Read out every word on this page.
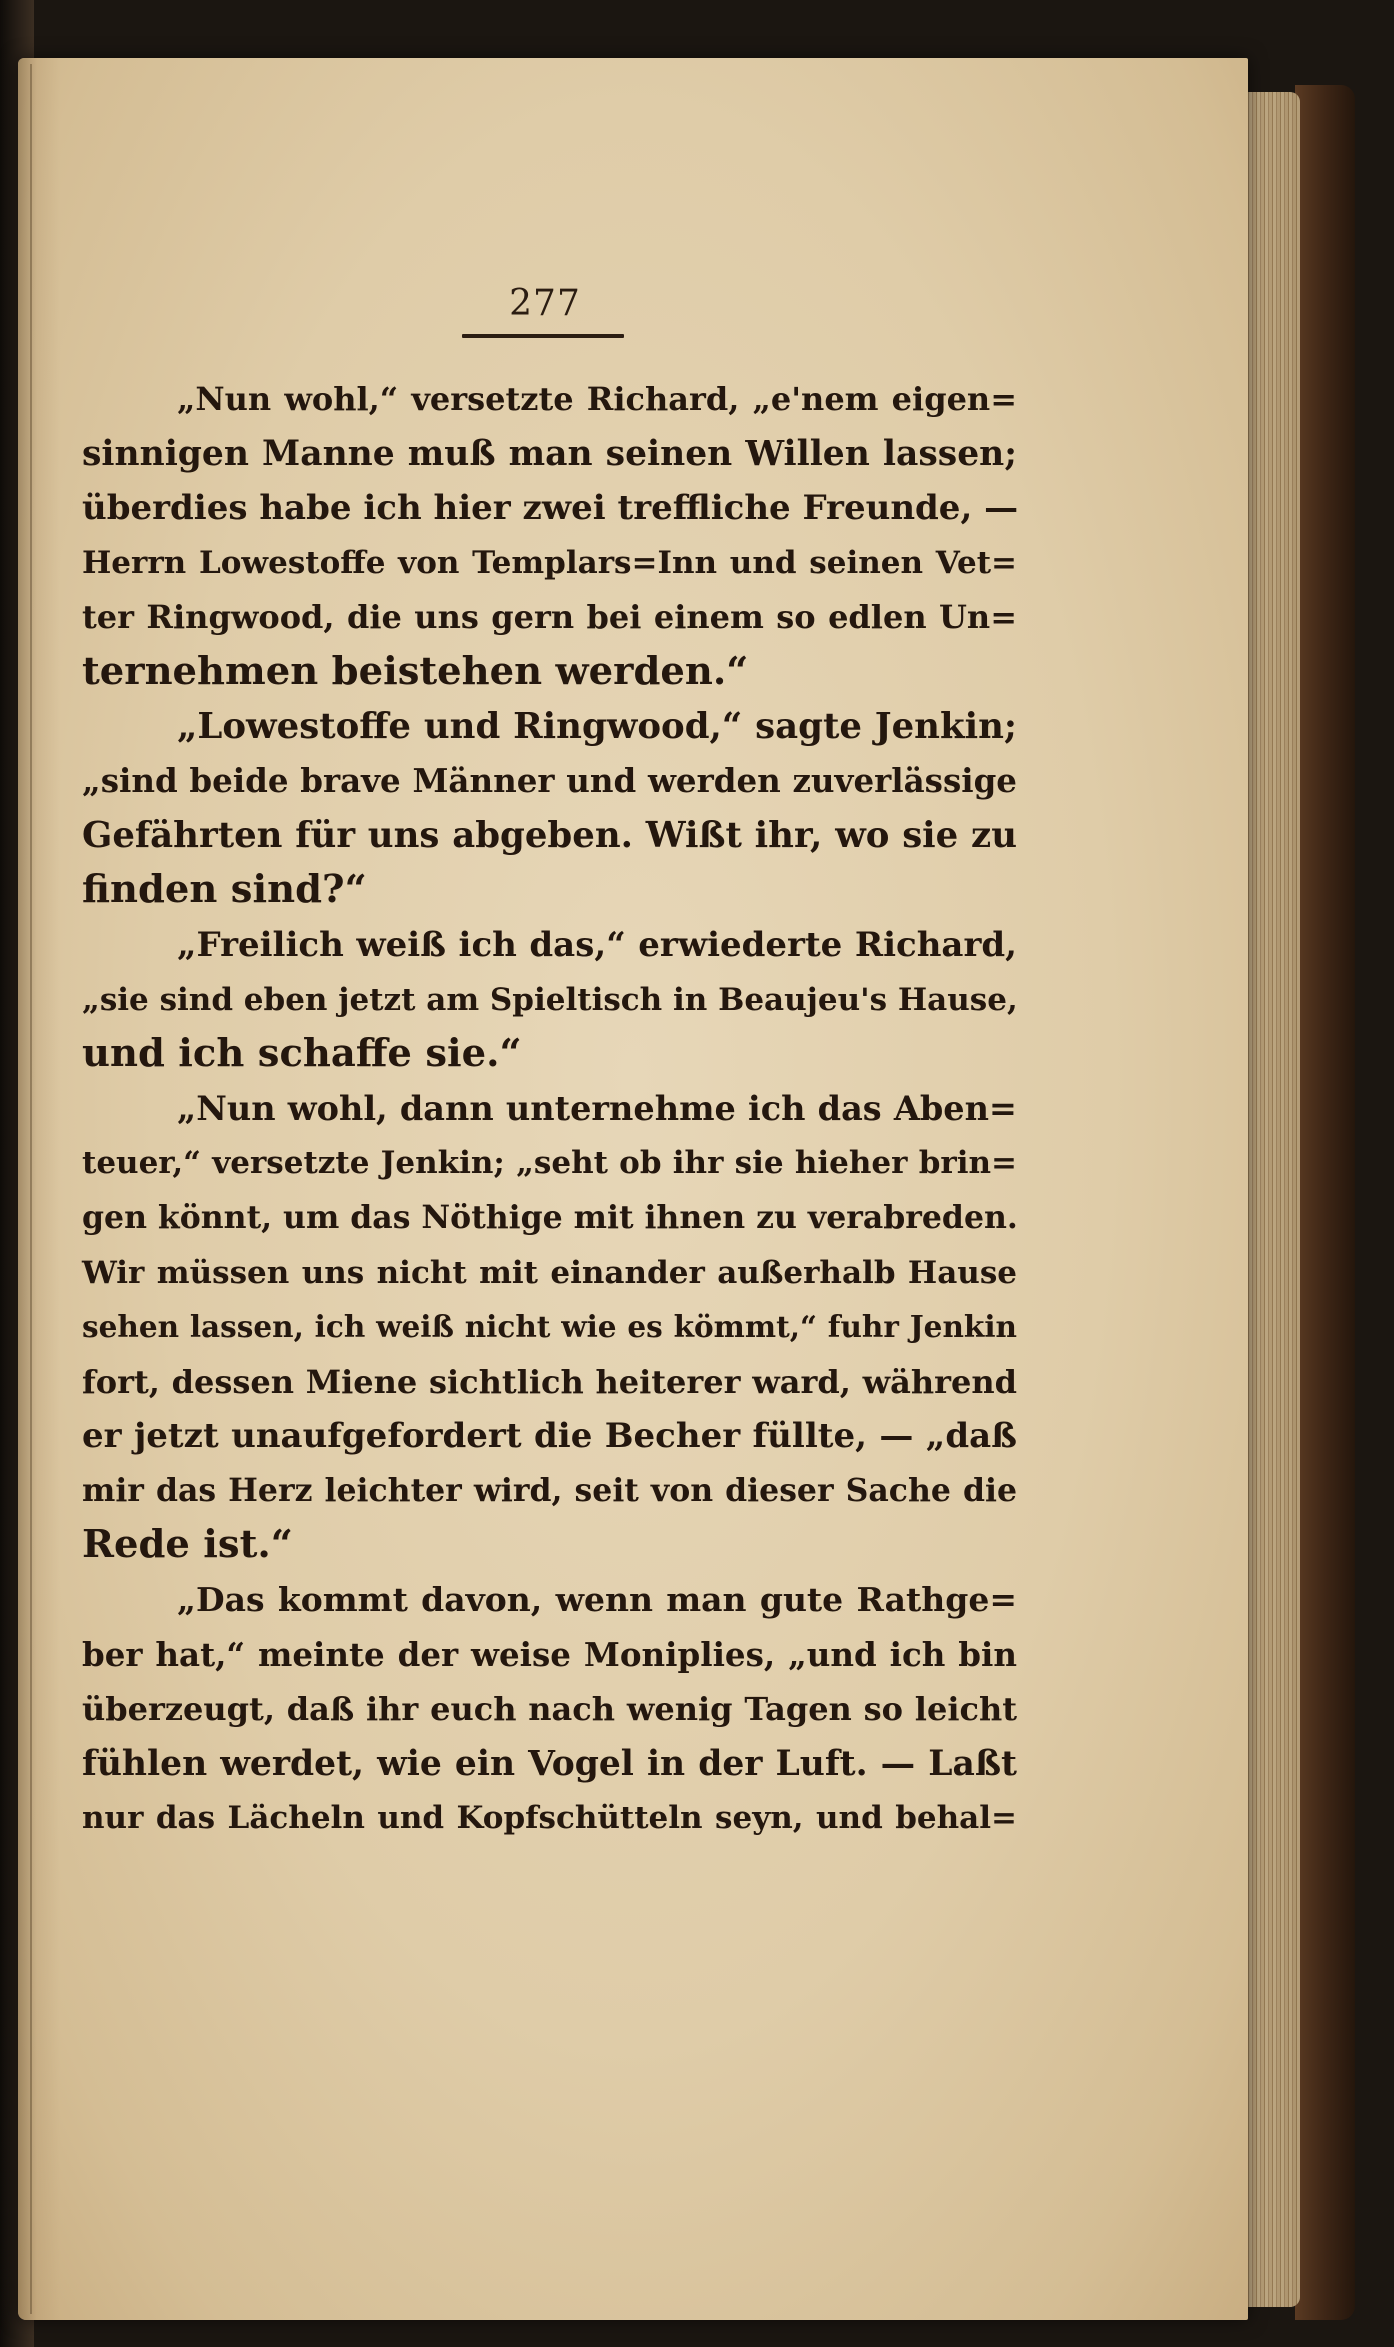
277
„Nun wohl,“ versetzte Richard, „e'nem eigen=
sinnigen Manne muß man seinen Willen lassen;
überdies habe ich hier zwei treffliche Freunde, —
Herrn Lowestoffe von Templars=Inn und seinen Vet=
ter Ringwood, die uns gern bei einem so edlen Un=
ternehmen beistehen werden.“
„Lowestoffe und Ringwood,“ sagte Jenkin;
„sind beide brave Männer und werden zuverlässige
Gefährten für uns abgeben. Wißt ihr, wo sie zu
finden sind?“
„Freilich weiß ich das,“ erwiederte Richard,
„sie sind eben jetzt am Spieltisch in Beaujeu's Hause,
und ich schaffe sie.“
„Nun wohl, dann unternehme ich das Aben=
teuer,“ versetzte Jenkin; „seht ob ihr sie hieher brin=
gen könnt, um das Nöthige mit ihnen zu verabreden.
Wir müssen uns nicht mit einander außerhalb Hause
sehen lassen, ich weiß nicht wie es kömmt,“ fuhr Jenkin
fort, dessen Miene sichtlich heiterer ward, während
er jetzt unaufgefordert die Becher füllte, — „daß
mir das Herz leichter wird, seit von dieser Sache die
Rede ist.“
„Das kommt davon, wenn man gute Rathge=
ber hat,“ meinte der weise Moniplies, „und ich bin
überzeugt, daß ihr euch nach wenig Tagen so leicht
fühlen werdet, wie ein Vogel in der Luft. — Laßt
nur das Lächeln und Kopfschütteln seyn, und behal=
